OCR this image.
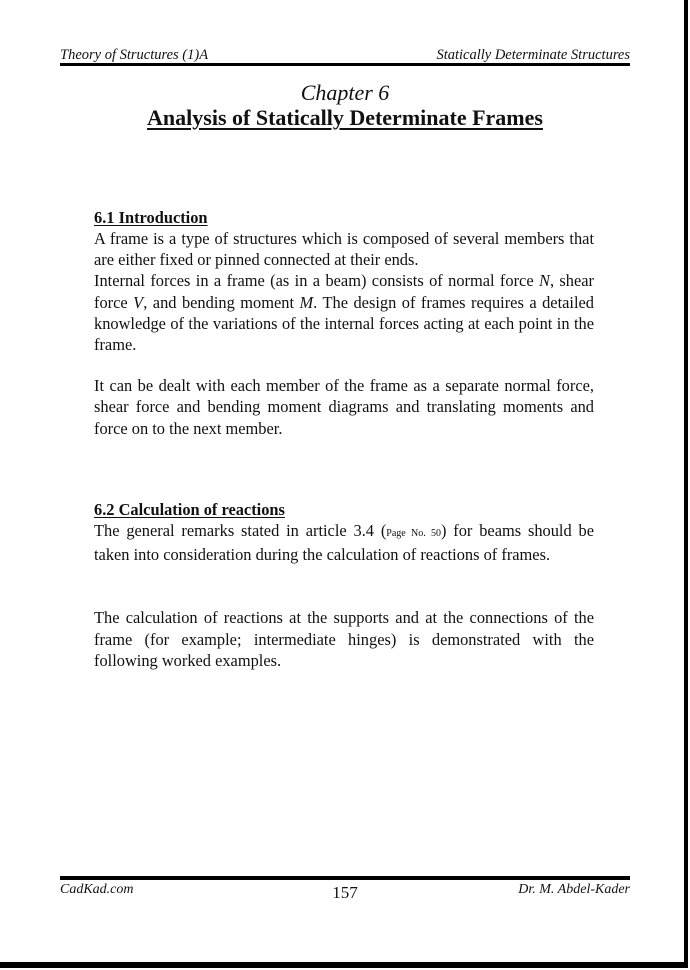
Theory of Structures (1)A	Statically Determinate Structures
Chapter 6
Analysis of Statically Determinate Frames
6.1 Introduction

A frame is a type of structures which is composed of several members that are either fixed or pinned connected at their ends.

Internal forces in a frame (as in a beam) consists of normal force N, shear force V, and bending moment M. The design of frames requires a detailed knowledge of the variations of the internal forces acting at each point in the frame.

It can be dealt with each member of the frame as a separate normal force, shear force and bending moment diagrams and translating moments and force on to the next member.

6.2 Calculation of reactions

The general remarks stated in article 3.4 (Page No. 50) for beams should be taken into consideration during the calculation of reactions of frames.

The calculation of reactions at the supports and at the connections of the frame (for example; intermediate hinges) is demonstrated with the following worked examples.

CadKad.com	157	Dr. M. Abdel-Kader
